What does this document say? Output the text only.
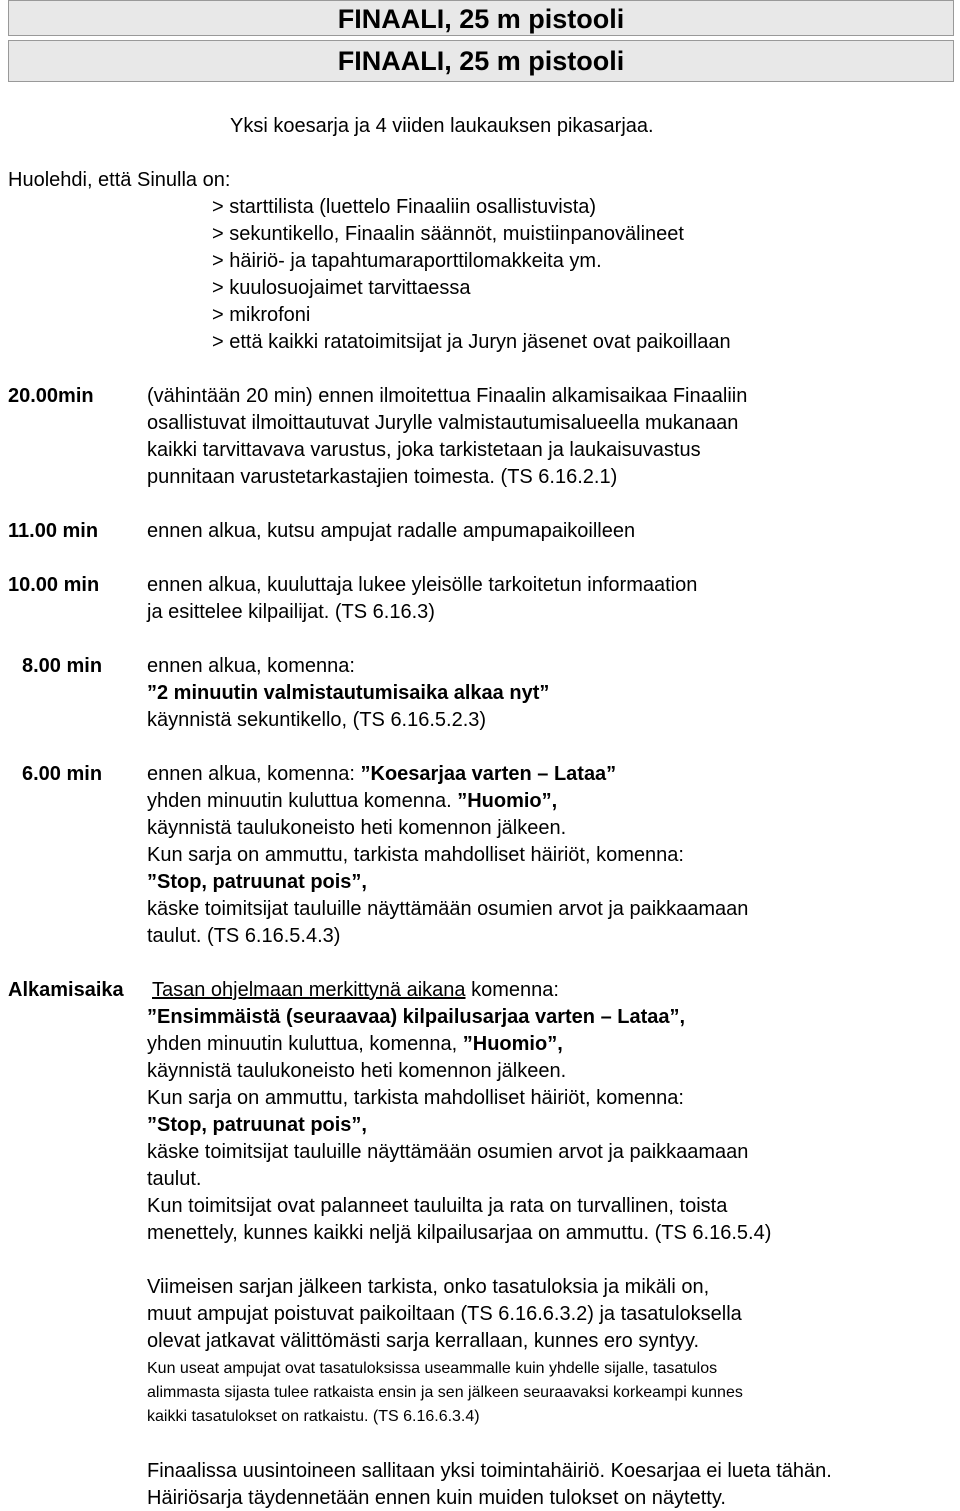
FINAALI, 25 m pistooli
FINAALI, 25 m pistooli
Yksi koesarja ja 4 viiden laukauksen pikasarjaa.
Huolehdi, että Sinulla on:
> starttilista (luettelo Finaaliin osallistuvista)
> sekuntikello, Finaalin säännöt, muistiinpanovälineet
> häiriö- ja tapahtumaraporttilomakkeita ym.
> kuulosuojaimet tarvittaessa
> mikrofoni
> että kaikki ratatoimitsijat ja Juryn jäsenet ovat paikoillaan
20.00min	(vähintään 20 min) ennen ilmoitettua Finaalin alkamisaikaa Finaaliin
osallistuvat ilmoittautuvat Jurylle valmistautumisalueella mukanaan
kaikki tarvittavava varustus, joka tarkistetaan ja laukaisuvastus
punnitaan varustetarkastajien toimesta. (TS 6.16.2.1)
11.00 min ennen alkua, kutsu ampujat radalle ampumapaikoilleen
10.00 min ennen alkua, kuuluttaja lukee yleisölle tarkoitetun informaation
ja esittelee kilpailijat. (TS 6.16.3)
8.00 min ennen alkua, komenna:
”2 minuutin valmistautumisaika alkaa nyt”
käynnistä sekuntikello, (TS 6.16.5.2.3)
6.00 min ennen alkua, komenna: ”Koesarjaa varten – Lataa”
yhden minuutin kuluttua komenna. ”Huomio”,
käynnistä taulukoneisto heti komennon jälkeen.
Kun sarja on ammuttu, tarkista mahdolliset häiriöt, komenna:
”Stop, patruunat pois”,
käske toimitsijat tauluille näyttämään osumien arvot ja paikkaamaan
taulut. (TS 6.16.5.4.3)
Alkamisaika Tasan ohjelmaan merkittynä aikana komenna:
”Ensimmäistä (seuraavaa) kilpailusarjaa varten – Lataa”,
yhden minuutin kuluttua, komenna, ”Huomio”,
käynnistä taulukoneisto heti komennon jälkeen.
Kun sarja on ammuttu, tarkista mahdolliset häiriöt, komenna:
”Stop, patruunat pois”,
käske toimitsijat tauluille näyttämään osumien arvot ja paikkaamaan
taulut.
Kun toimitsijat ovat palanneet tauluilta ja rata on turvallinen, toista
menettely, kunnes kaikki neljä kilpailusarjaa on ammuttu. (TS 6.16.5.4)
Viimeisen sarjan jälkeen tarkista, onko tasatuloksia ja mikäli on,
muut ampujat poistuvat paikoiltaan (TS 6.16.6.3.2) ja tasatuloksella
olevat jatkavat välittömästi sarja kerrallaan, kunnes ero syntyy.
Kun useat ampujat ovat tasatuloksissa useammalle kuin yhdelle sijalle, tasatulos
alimmasta sijasta tulee ratkaista ensin ja sen jälkeen seuraavaksi korkeampi kunnes
kaikki tasatulokset on ratkaistu. (TS 6.16.6.3.4)
Finaalissa uusintoineen sallitaan yksi toimintahäiriö. Koesarjaa ei lueta tähän.
Häiriösarja täydennetään ennen kuin muiden tulokset on näytetty.
